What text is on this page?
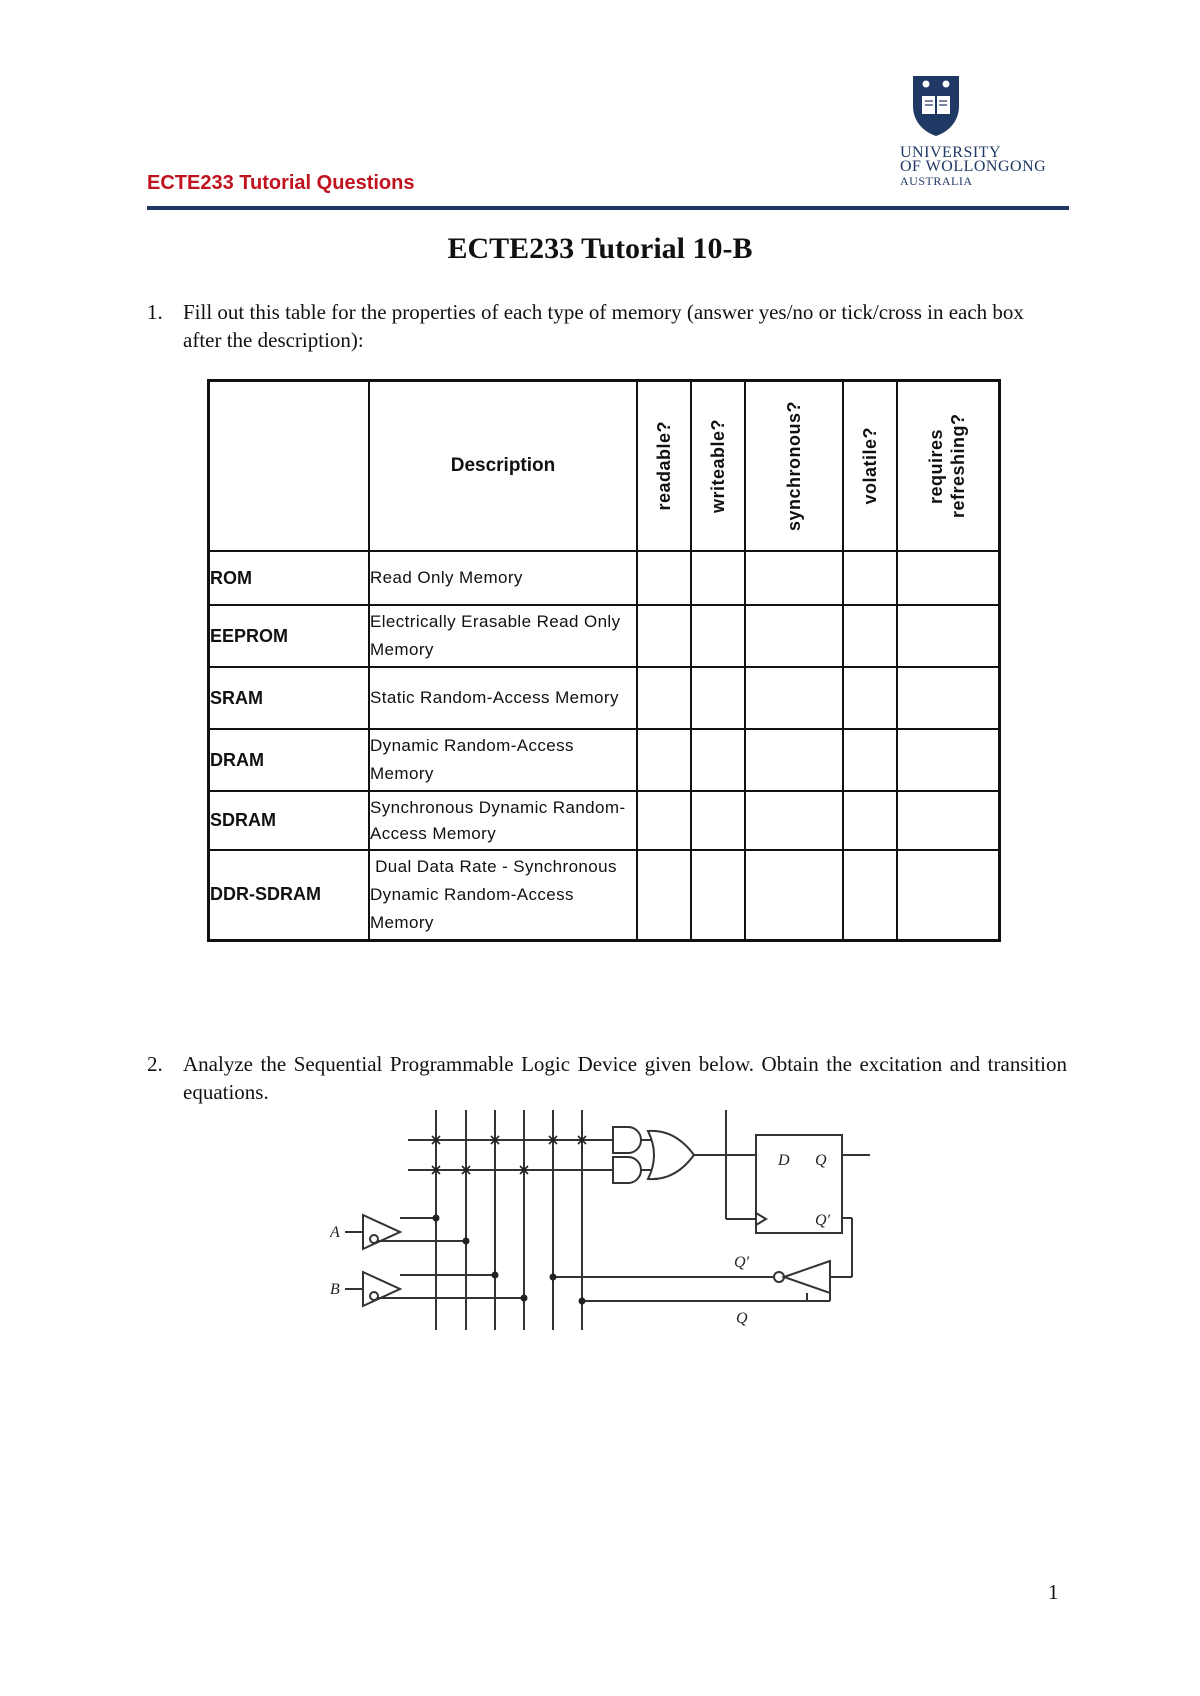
ECTE233 Tutorial Questions
UNIVERSITY
OF WOLLONGONG
AUSTRALIA
ECTE233 Tutorial 10-B
1. Fill out this table for the properties of each type of memory (answer yes/no or tick/cross in each box after the description):
	Description	readable?	writeable?	synchronous?	volatile?	requires refreshing?

ROM	Read Only Memory					
EEPROM	Electrically Erasable Read Only Memory					
SRAM	Static Random-Access Memory					
DRAM	Dynamic Random-Access Memory					
SDRAM	Synchronous Dynamic Random-Access Memory					
DDR-SDRAM	Dual Data Rate - Synchronous Dynamic Random-Access Memory					
2. Analyze the Sequential Programmable Logic Device given below. Obtain the excitation and transition equations.
A
B
D Q
Q′
Q′
Q
1
